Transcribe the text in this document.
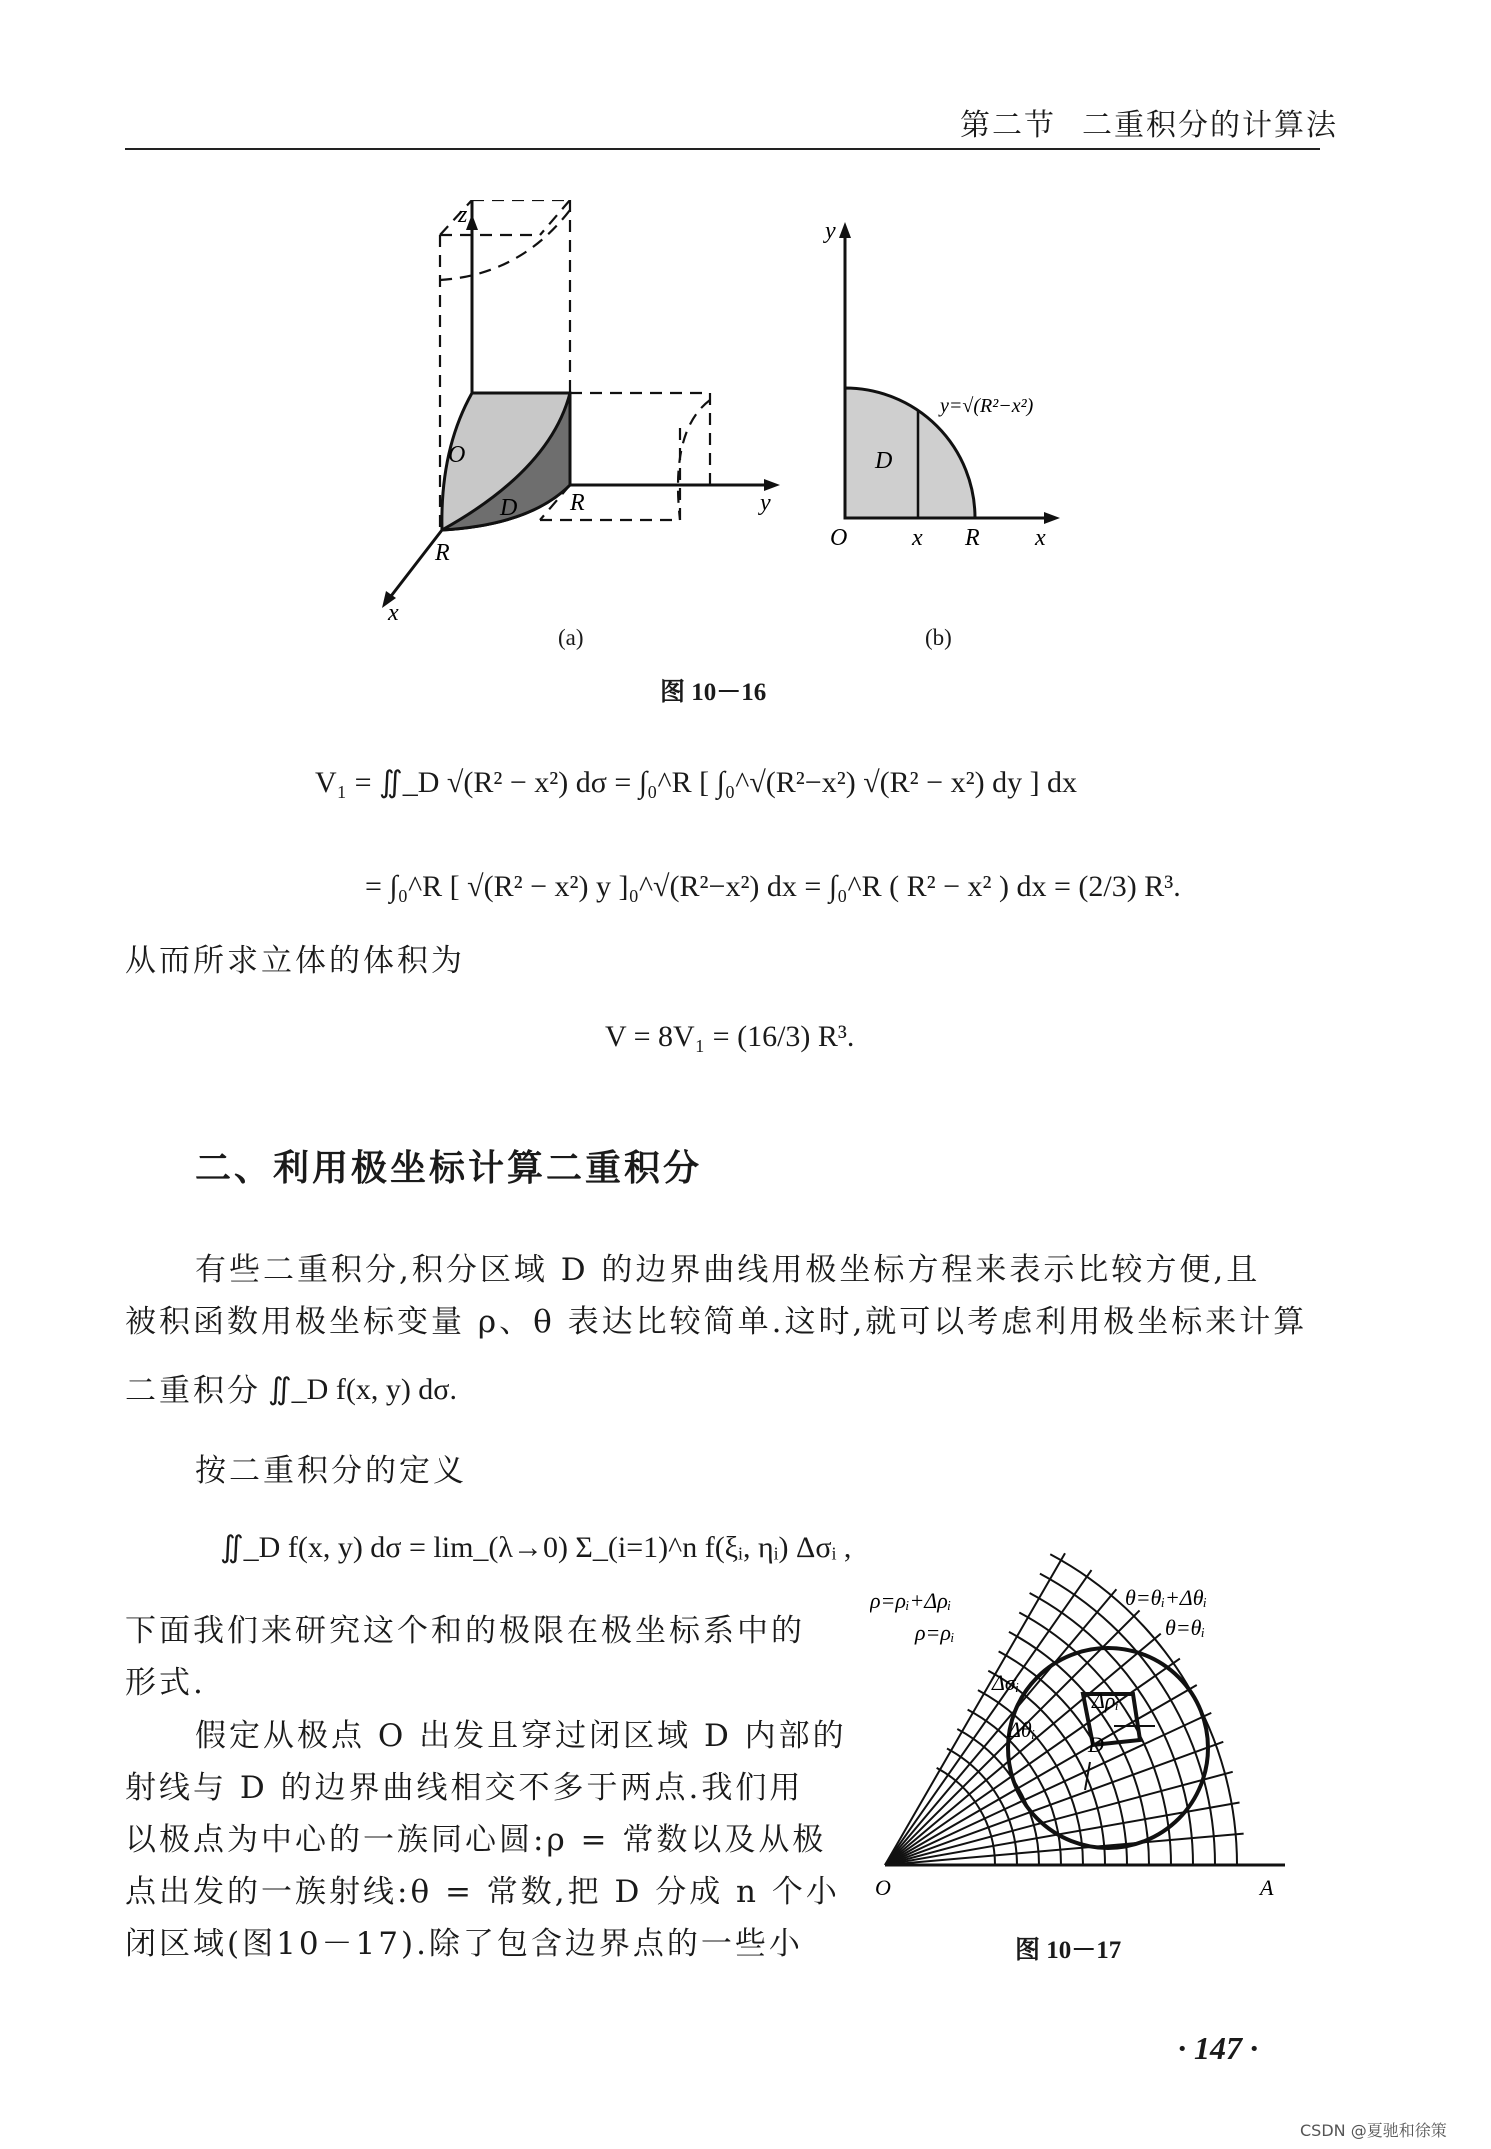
第二节 二重积分的计算法
z
x
y
O
D R
R
y
x
O	x R
D
y=√(R²−x²)
(a)	(b)
图 10－16
V₁ = ∬_D √(R² − x²) dσ = ∫₀^R [ ∫₀^√(R²−x²) √(R² − x²) dy ] dx
= ∫₀^R [ √(R² − x²) y ]₀^√(R²−x²) dx = ∫₀^R ( R² − x² ) dx = (2/3) R³.
从而所求立体的体积为
V = 8V₁ = (16/3) R³.
二、利用极坐标计算二重积分
有些二重积分,积分区域 D 的边界曲线用极坐标方程来表示比较方便,且
被积函数用极坐标变量 ρ、θ 表达比较简单.这时,就可以考虑利用极坐标来计算
二重积分 ∬_D f(x, y) dσ.
按二重积分的定义
∬_D f(x, y) dσ = lim_(λ→0) Σ_(i=1)^n f(ξᵢ, ηᵢ) Δσᵢ ,
下面我们来研究这个和的极限在极坐标系中的
形式.
假定从极点 O 出发且穿过闭区域 D 内部的
射线与 D 的边界曲线相交不多于两点.我们用
以极点为中心的一族同心圆:ρ = 常数以及从极
点出发的一族射线:θ = 常数,把 D 分成 n 个小
闭区域(图10－17).除了包含边界点的一些小
ρ=ρᵢ+Δρᵢ
ρ=ρᵢ
θ=θᵢ+Δθᵢ
θ=θᵢ
Δσᵢ
Δρᵢ
Δθᵢ
D
O	A
图 10－17
· 147 ·
CSDN @夏驰和徐策
